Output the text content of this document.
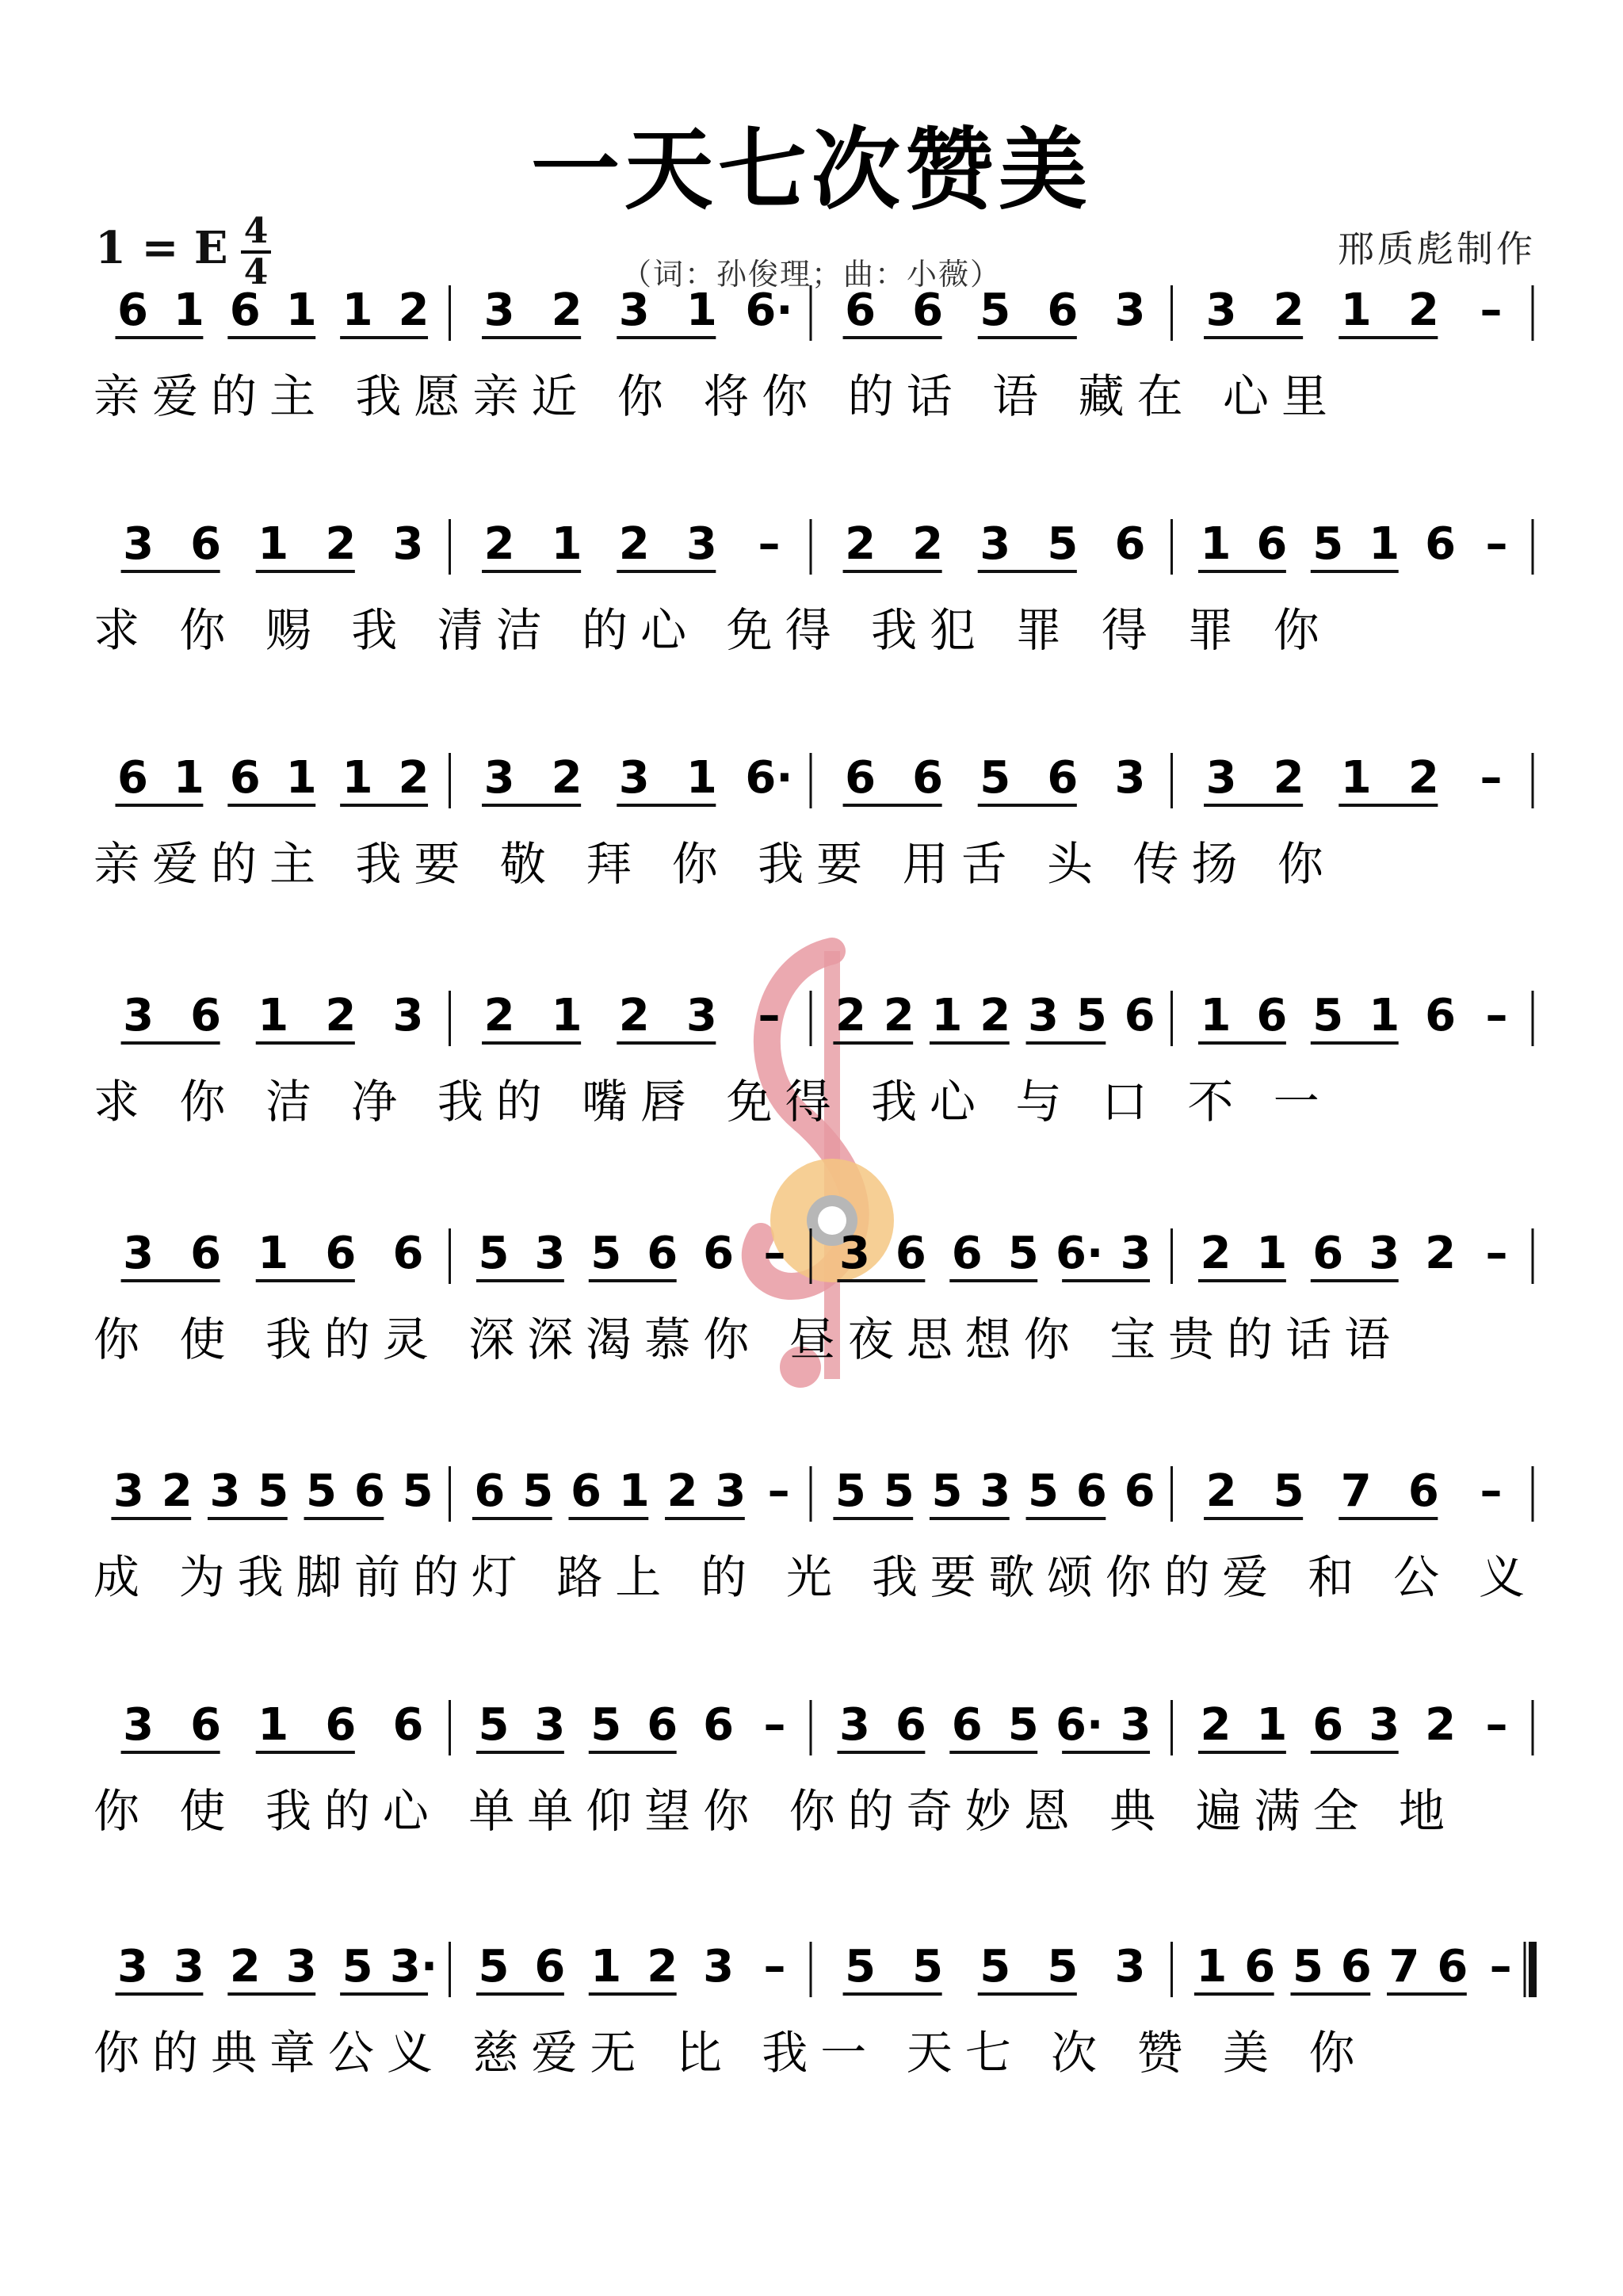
一天七次赞美
1 = E 4
4	（词：孙俊理；曲：小薇）
邢质彪制作
6 1 6 1 1 2 3 2 3 1 6· 6 6 5 6 3 3 2 1 2 –
亲爱的主 我愿亲近 你 将你 的话 语 藏在 心里
3 6 1 2 3 2 1 2 3 – 2 2 3 5 6 1 6 5 1 6 –
求 你 赐 我 清洁 的心 免得 我犯 罪 得 罪 你
6 1 6 1 1 2 3 2 3 1 6· 6 6 5 6 3 3 2 1 2 –
亲爱的主 我要 敬 拜 你 我要 用舌 头 传扬 你
3 6 1 2 3 2 1 2 3 – 2 2 1 2 3 5 6 1 6 5 1 6 –
求 你 洁 净 我的 嘴唇 免得 我心 与 口 不 一
3 6 1 6 6 5 3 5 6 6 – 3 6 6 5 6· 3 2 1 6 3 2 –
你 使 我的灵 深深渴慕你 昼夜思想你 宝贵的话语
3 2 3 5 5 6 5 6 5 6 1 2 3 – 5 5 5 3 5 6 6 2 5 7 6 –
成 为我脚前的灯 路上 的 光 我要歌颂你的爱 和 公 义
3 6 1 6 6 5 3 5 6 6 – 3 6 6 5 6· 3 2 1 6 3 2 –
你 使 我的心 单单仰望你 你的奇妙恩 典 遍满全 地
3 3 2 3 5 3· 5 6 1 2 3 – 5 5 5 5 3 1 6 5 6 7 6 –
你的典章公义 慈爱无 比 我一 天七 次 赞 美 你
